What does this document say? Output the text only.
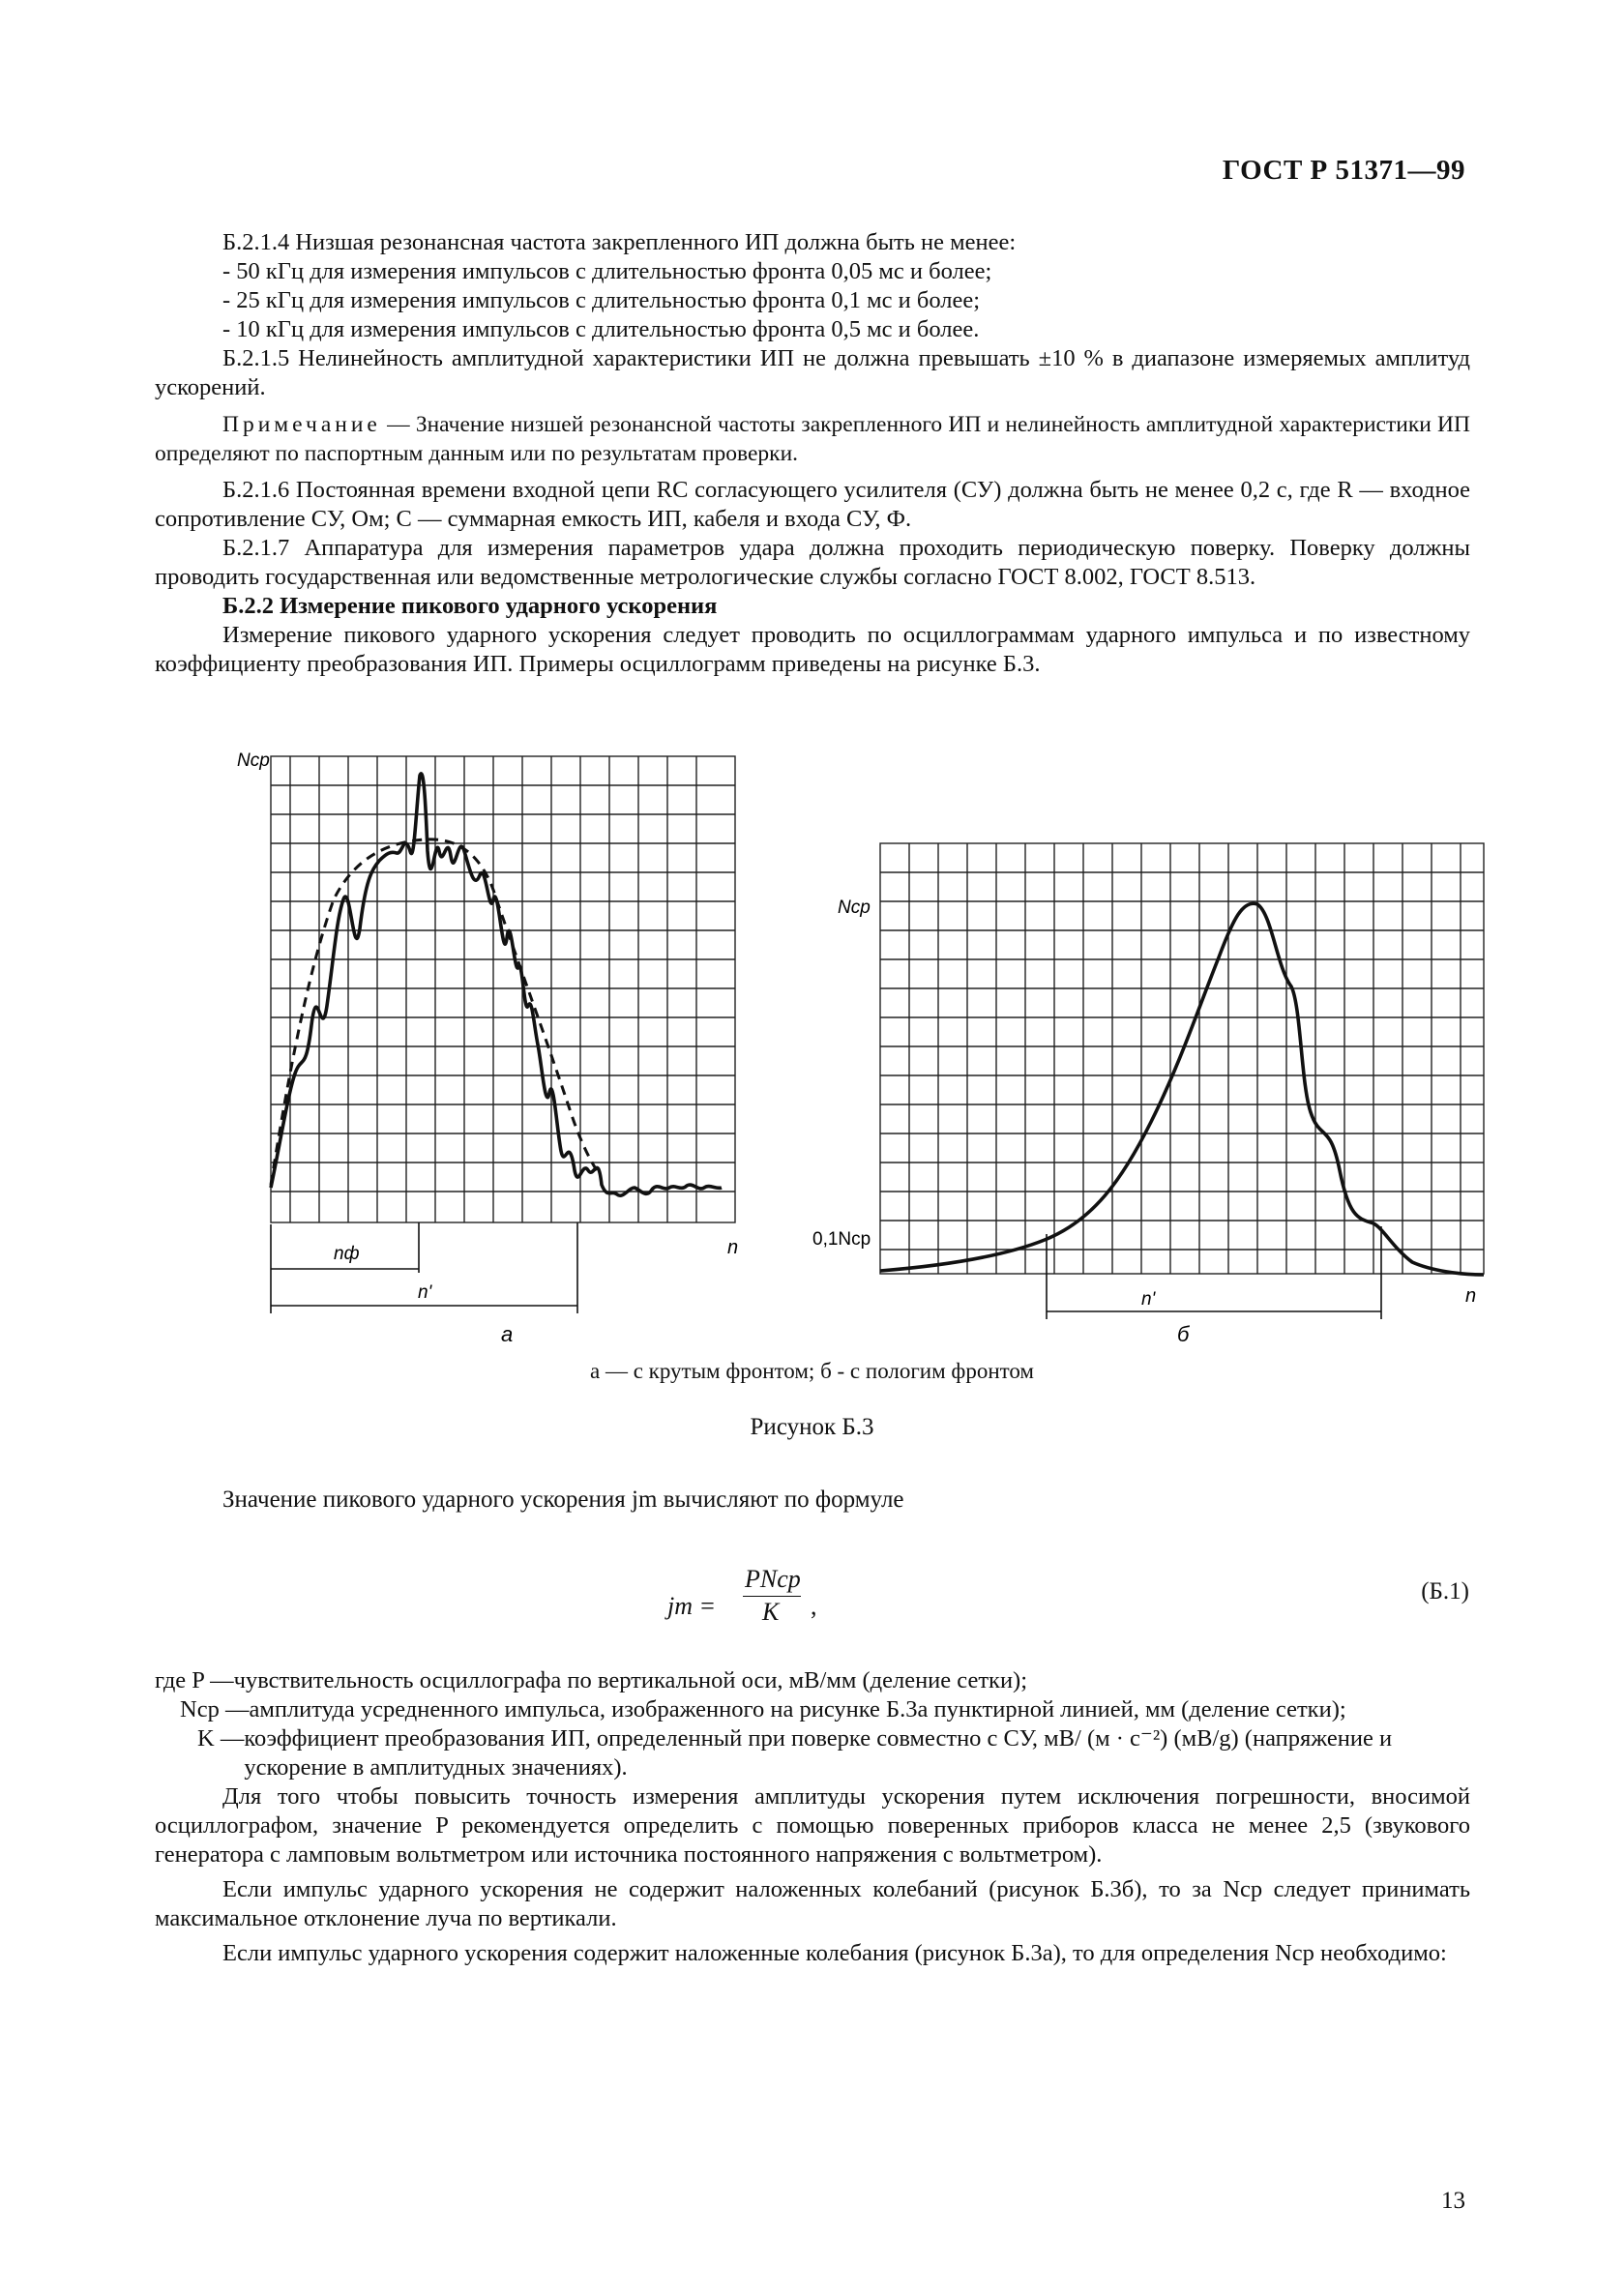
ГОСТ Р 51371—99

Б.2.1.4 Низшая резонансная частота закрепленного ИП должна быть не менее:

- 50 кГц для измерения импульсов с длительностью фронта 0,05 мс и более;

- 25 кГц для измерения импульсов с длительностью фронта 0,1 мс и более;

- 10 кГц для измерения импульсов с длительностью фронта 0,5 мс и более.

Б.2.1.5 Нелинейность амплитудной характеристики ИП не должна превышать ±10 % в диапазоне измеряемых амплитуд ускорений.

Примечание — Значение низшей резонансной частоты закрепленного ИП и нелинейность амплитудной характеристики ИП определяют по паспортным данным или по результатам проверки.

Б.2.1.6 Постоянная времени входной цепи RC согласующего усилителя (СУ) должна быть не менее 0,2 с, где R — входное сопротивление СУ, Ом; C — суммарная емкость ИП, кабеля и входа СУ, Ф.

Б.2.1.7 Аппаратура для измерения параметров удара должна проходить периодическую поверку. Поверку должны проводить государственная или ведомственные метрологические службы согласно ГОСТ 8.002, ГОСТ 8.513.

Б.2.2 Измерение пикового ударного ускорения

Измерение пикового ударного ускорения следует проводить по осциллограммам ударного импульса и по известному коэффициенту преобразования ИП. Примеры осциллограмм приведены на рисунке Б.3.

Nср
n
nф
n'
а
Nср
0,1Nср
n
n'
б
а — с крутым фронтом; б - с пологим фронтом
Рисунок Б.3
Значение пикового ударного ускорения jm вычисляют по формуле
jm =
PNср
K ,
(Б.1)

где P — чувствительность осциллографа по вертикальной оси, мВ/мм (деление сетки);

Nср — амплитуда усредненного импульса, изображенного на рисунке Б.3а пунктирной линией, мм (деление сетки);

K — коэффициент преобразования ИП, определенный при поверке совместно с СУ, мВ/ (м · с⁻²) (мВ/g) (напряжение и ускорение в амплитудных значениях).

Для того чтобы повысить точность измерения амплитуды ускорения путем исключения погрешности, вносимой осциллографом, значение P рекомендуется определить с помощью поверенных приборов класса не менее 2,5 (звукового генератора с ламповым вольтметром или источника постоянного напряжения с вольтметром).

Если импульс ударного ускорения не содержит наложенных колебаний (рисунок Б.3б), то за Nср следует принимать максимальное отклонение луча по вертикали.

Если импульс ударного ускорения содержит наложенные колебания (рисунок Б.3а), то для определения Nср необходимо:

13
